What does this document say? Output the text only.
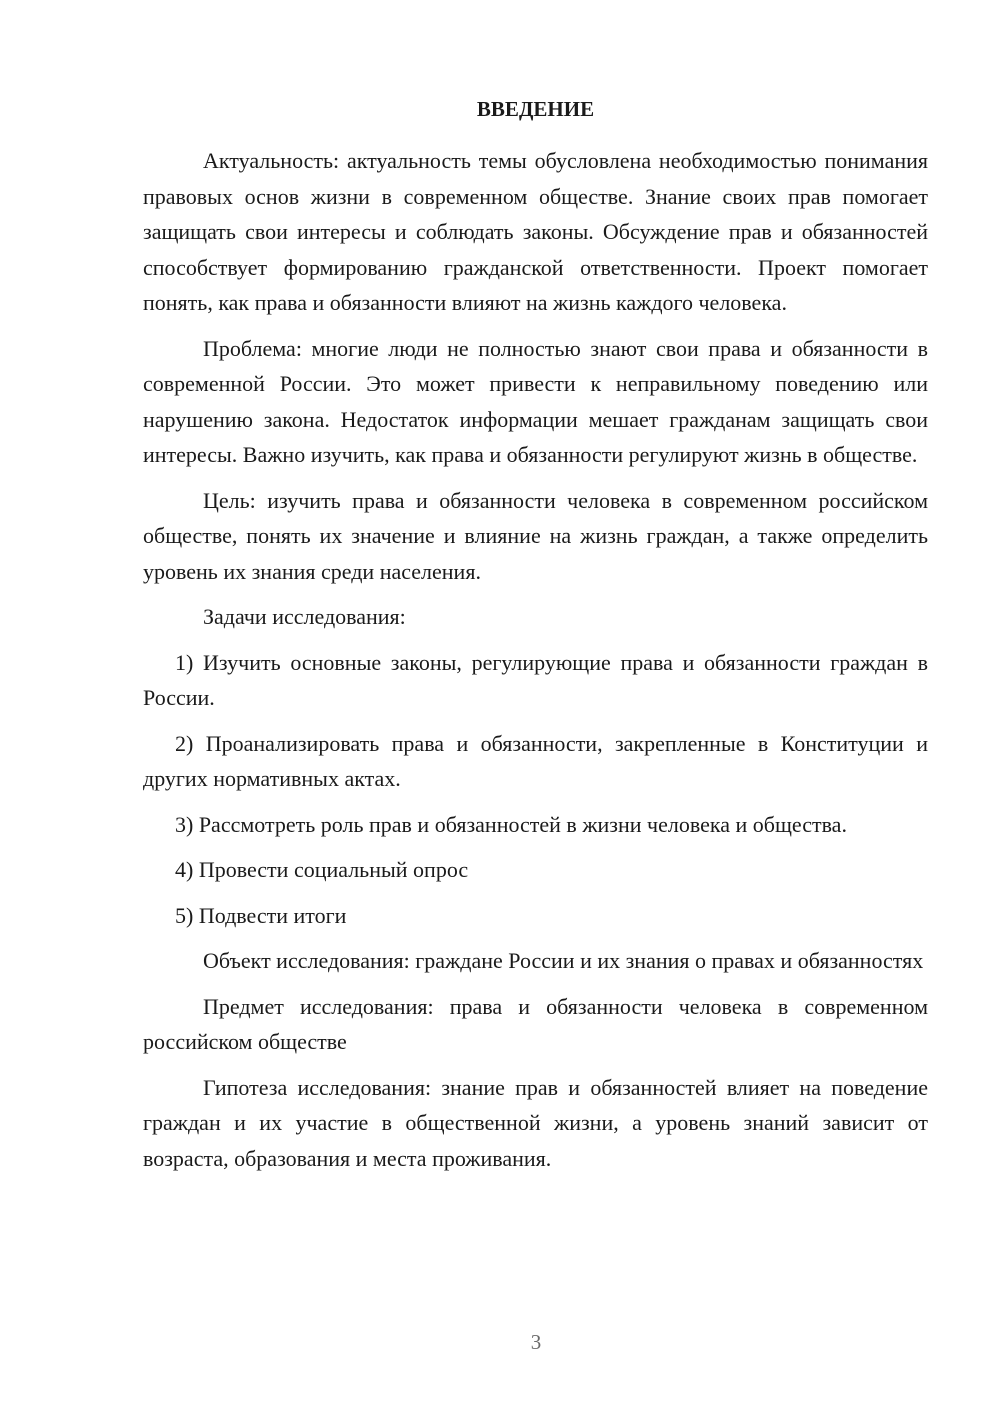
ВВЕДЕНИЕ

Актуальность: актуальность темы обусловлена необходимостью понимания правовых основ жизни в современном обществе. Знание своих прав помогает защищать свои интересы и соблюдать законы. Обсуждение прав и обязанностей способствует формированию гражданской ответственности. Проект помогает понять, как права и обязанности влияют на жизнь каждого человека.

Проблема: многие люди не полностью знают свои права и обязанности в современной России. Это может привести к неправильному поведению или нарушению закона. Недостаток информации мешает гражданам защищать свои интересы. Важно изучить, как права и обязанности регулируют жизнь в обществе.

Цель: изучить права и обязанности человека в современном российском обществе, понять их значение и влияние на жизнь граждан, а также определить уровень их знания среди населения.

Задачи исследования:

1) Изучить основные законы, регулирующие права и обязанности граждан в России.

2) Проанализировать права и обязанности, закрепленные в Конституции и других нормативных актах.

3) Рассмотреть роль прав и обязанностей в жизни человека и общества.

4) Провести социальный опрос

5) Подвести итоги

Объект исследования: граждане России и их знания о правах и обязанностях

Предмет исследования: права и обязанности человека в современном российском обществе

Гипотеза исследования: знание прав и обязанностей влияет на поведение граждан и их участие в общественной жизни, а уровень знаний зависит от возраста, образования и места проживания.

3
